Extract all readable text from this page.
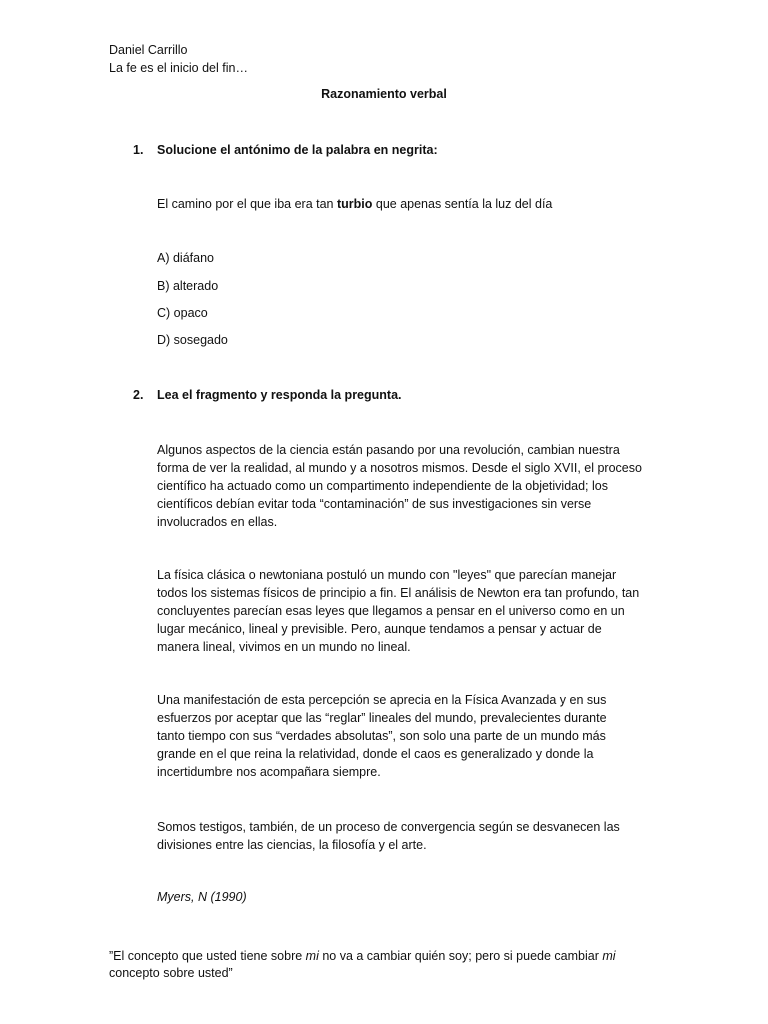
Daniel Carrillo
La fe es el inicio del fin…
Razonamiento verbal
1. Solucione el antónimo de la palabra en negrita:
El camino por el que iba era tan turbio que apenas sentía la luz del día
A) diáfano
B) alterado
C) opaco
D) sosegado
2. Lea el fragmento y responda la pregunta.
Algunos aspectos de la ciencia están pasando por una revolución, cambian nuestra
forma de ver la realidad, al mundo y a nosotros mismos. Desde el siglo XVII, el proceso
científico ha actuado como un compartimento independiente de la objetividad; los
científicos debían evitar toda “contaminación” de sus investigaciones sin verse
involucrados en ellas.
La física clásica o newtoniana postuló un mundo con "leyes" que parecían manejar
todos los sistemas físicos de principio a fin. El análisis de Newton era tan profundo, tan
concluyentes parecían esas leyes que llegamos a pensar en el universo como en un
lugar mecánico, lineal y previsible. Pero, aunque tendamos a pensar y actuar de
manera lineal, vivimos en un mundo no lineal.
Una manifestación de esta percepción se aprecia en la Física Avanzada y en sus
esfuerzos por aceptar que las “reglar” lineales del mundo, prevalecientes durante
tanto tiempo con sus “verdades absolutas”, son solo una parte de un mundo más
grande en el que reina la relatividad, donde el caos es generalizado y donde la
incertidumbre nos acompañara siempre.
Somos testigos, también, de un proceso de convergencia según se desvanecen las
divisiones entre las ciencias, la filosofía y el arte.
Myers, N (1990)
”El concepto que usted tiene sobre mi no va a cambiar quién soy; pero si puede cambiar mi
concepto sobre usted”
